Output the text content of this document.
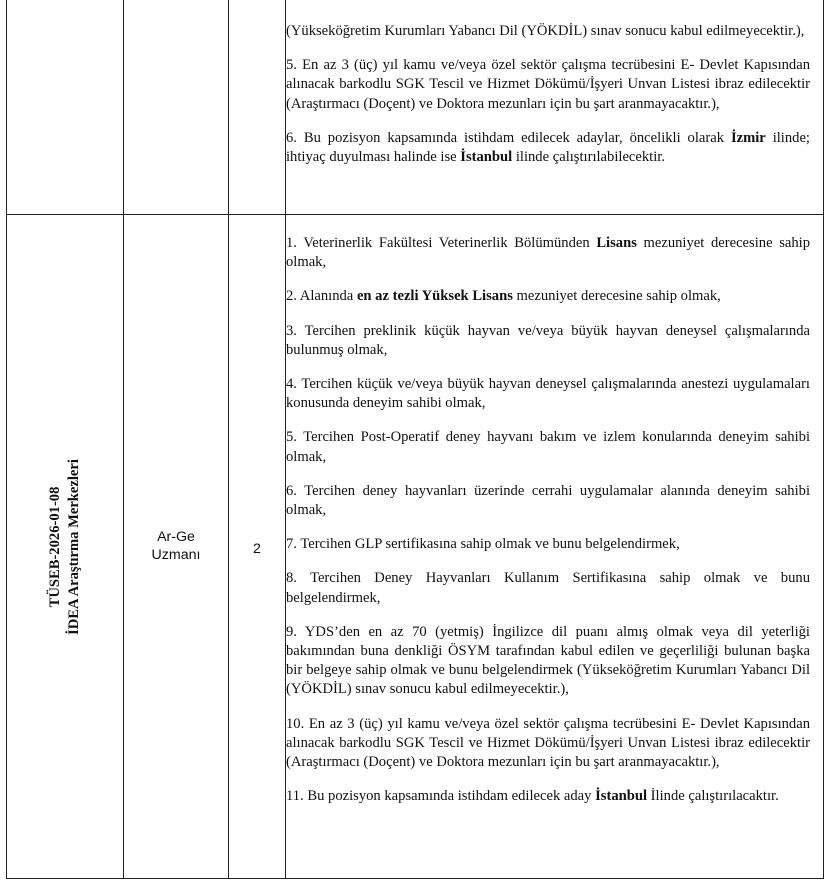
(Yükseköğretim Kurumları Yabancı Dil (YÖKDİL) sınav sonucu kabul edilmeyecektir.),

5. En az 3 (üç) yıl kamu ve/veya özel sektör çalışma tecrübesini E- Devlet Kapısından alınacak barkodlu SGK Tescil ve Hizmet Dökümü/İşyeri Unvan Listesi ibraz edilecektir (Araştırmacı (Doçent) ve Doktora mezunları için bu şart aranmayacaktır.),

6. Bu pozisyon kapsamında istihdam edilecek adaylar, öncelikli olarak İzmir ilinde; ihtiyaç duyulması halinde ise İstanbul ilinde çalıştırılabilecektir.

TÜSEB-2026-01-08 İDEA Araştırma Merkezleri	Ar-Ge
Uzmanı	2

1. Veterinerlik Fakültesi Veterinerlik Bölümünden Lisans mezuniyet derecesine sahip olmak,

2. Alanında en az tezli Yüksek Lisans mezuniyet derecesine sahip olmak,

3. Tercihen preklinik küçük hayvan ve/veya büyük hayvan deneysel çalışmalarında bulunmuş olmak,

4. Tercihen küçük ve/veya büyük hayvan deneysel çalışmalarında anestezi uygulamaları konusunda deneyim sahibi olmak,

5. Tercihen Post-Operatif deney hayvanı bakım ve izlem konularında deneyim sahibi olmak,

6. Tercihen deney hayvanları üzerinde cerrahi uygulamalar alanında deneyim sahibi olmak,

7. Tercihen GLP sertifikasına sahip olmak ve bunu belgelendirmek,

8. Tercihen Deney Hayvanları Kullanım Sertifikasına sahip olmak ve bunu belgelendirmek,

9. YDS’den en az 70 (yetmiş) İngilizce dil puanı almış olmak veya dil yeterliği bakımından buna denkliği ÖSYM tarafından kabul edilen ve geçerliliği bulunan başka bir belgeye sahip olmak ve bunu belgelendirmek (Yükseköğretim Kurumları Yabancı Dil (YÖKDİL) sınav sonucu kabul edilmeyecektir.),

10. En az 3 (üç) yıl kamu ve/veya özel sektör çalışma tecrübesini E- Devlet Kapısından alınacak barkodlu SGK Tescil ve Hizmet Dökümü/İşyeri Unvan Listesi ibraz edilecektir (Araştırmacı (Doçent) ve Doktora mezunları için bu şart aranmayacaktır.),

11. Bu pozisyon kapsamında istihdam edilecek aday İstanbul İlinde çalıştırılacaktır.
